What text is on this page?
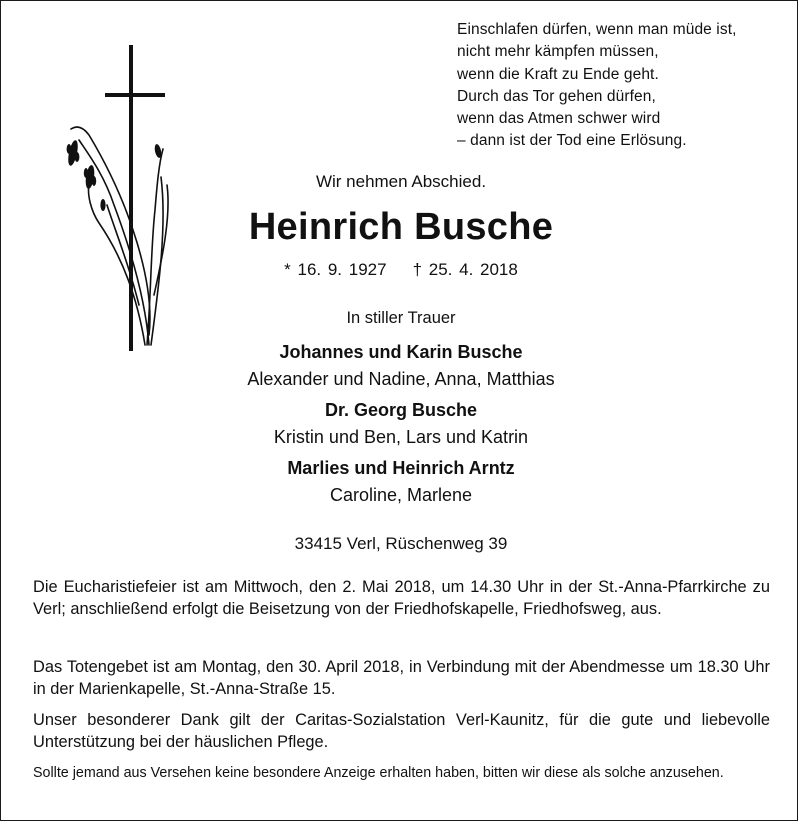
Einschlafen dürfen, wenn man müde ist,
nicht mehr kämpfen müssen,
wenn die Kraft zu Ende geht.
Durch das Tor gehen dürfen,
wenn das Atmen schwer wird
– dann ist der Tod eine Erlösung.
Wir nehmen Abschied.
Heinrich Busche
* 16. 9. 1927 † 25. 4. 2018
In stiller Trauer
Johannes und Karin Busche
Alexander und Nadine, Anna, Matthias
Dr. Georg Busche
Kristin und Ben, Lars und Katrin
Marlies und Heinrich Arntz
Caroline, Marlene
33415 Verl, Rüschenweg 39
Die Eucharistiefeier ist am Mittwoch, den 2. Mai 2018, um 14.30 Uhr in der St.-Anna-Pfarrkirche zu Verl; anschließend erfolgt die Beisetzung von der Friedhofskapelle, Friedhofsweg, aus.
Das Totengebet ist am Montag, den 30. April 2018, in Verbindung mit der Abendmesse um 18.30 Uhr in der Marienkapelle, St.-Anna-Straße 15.
Unser besonderer Dank gilt der Caritas-Sozialstation Verl-Kaunitz, für die gute und liebevolle Unterstützung bei der häuslichen Pflege.
Sollte jemand aus Versehen keine besondere Anzeige erhalten haben, bitten wir diese als solche anzusehen.
